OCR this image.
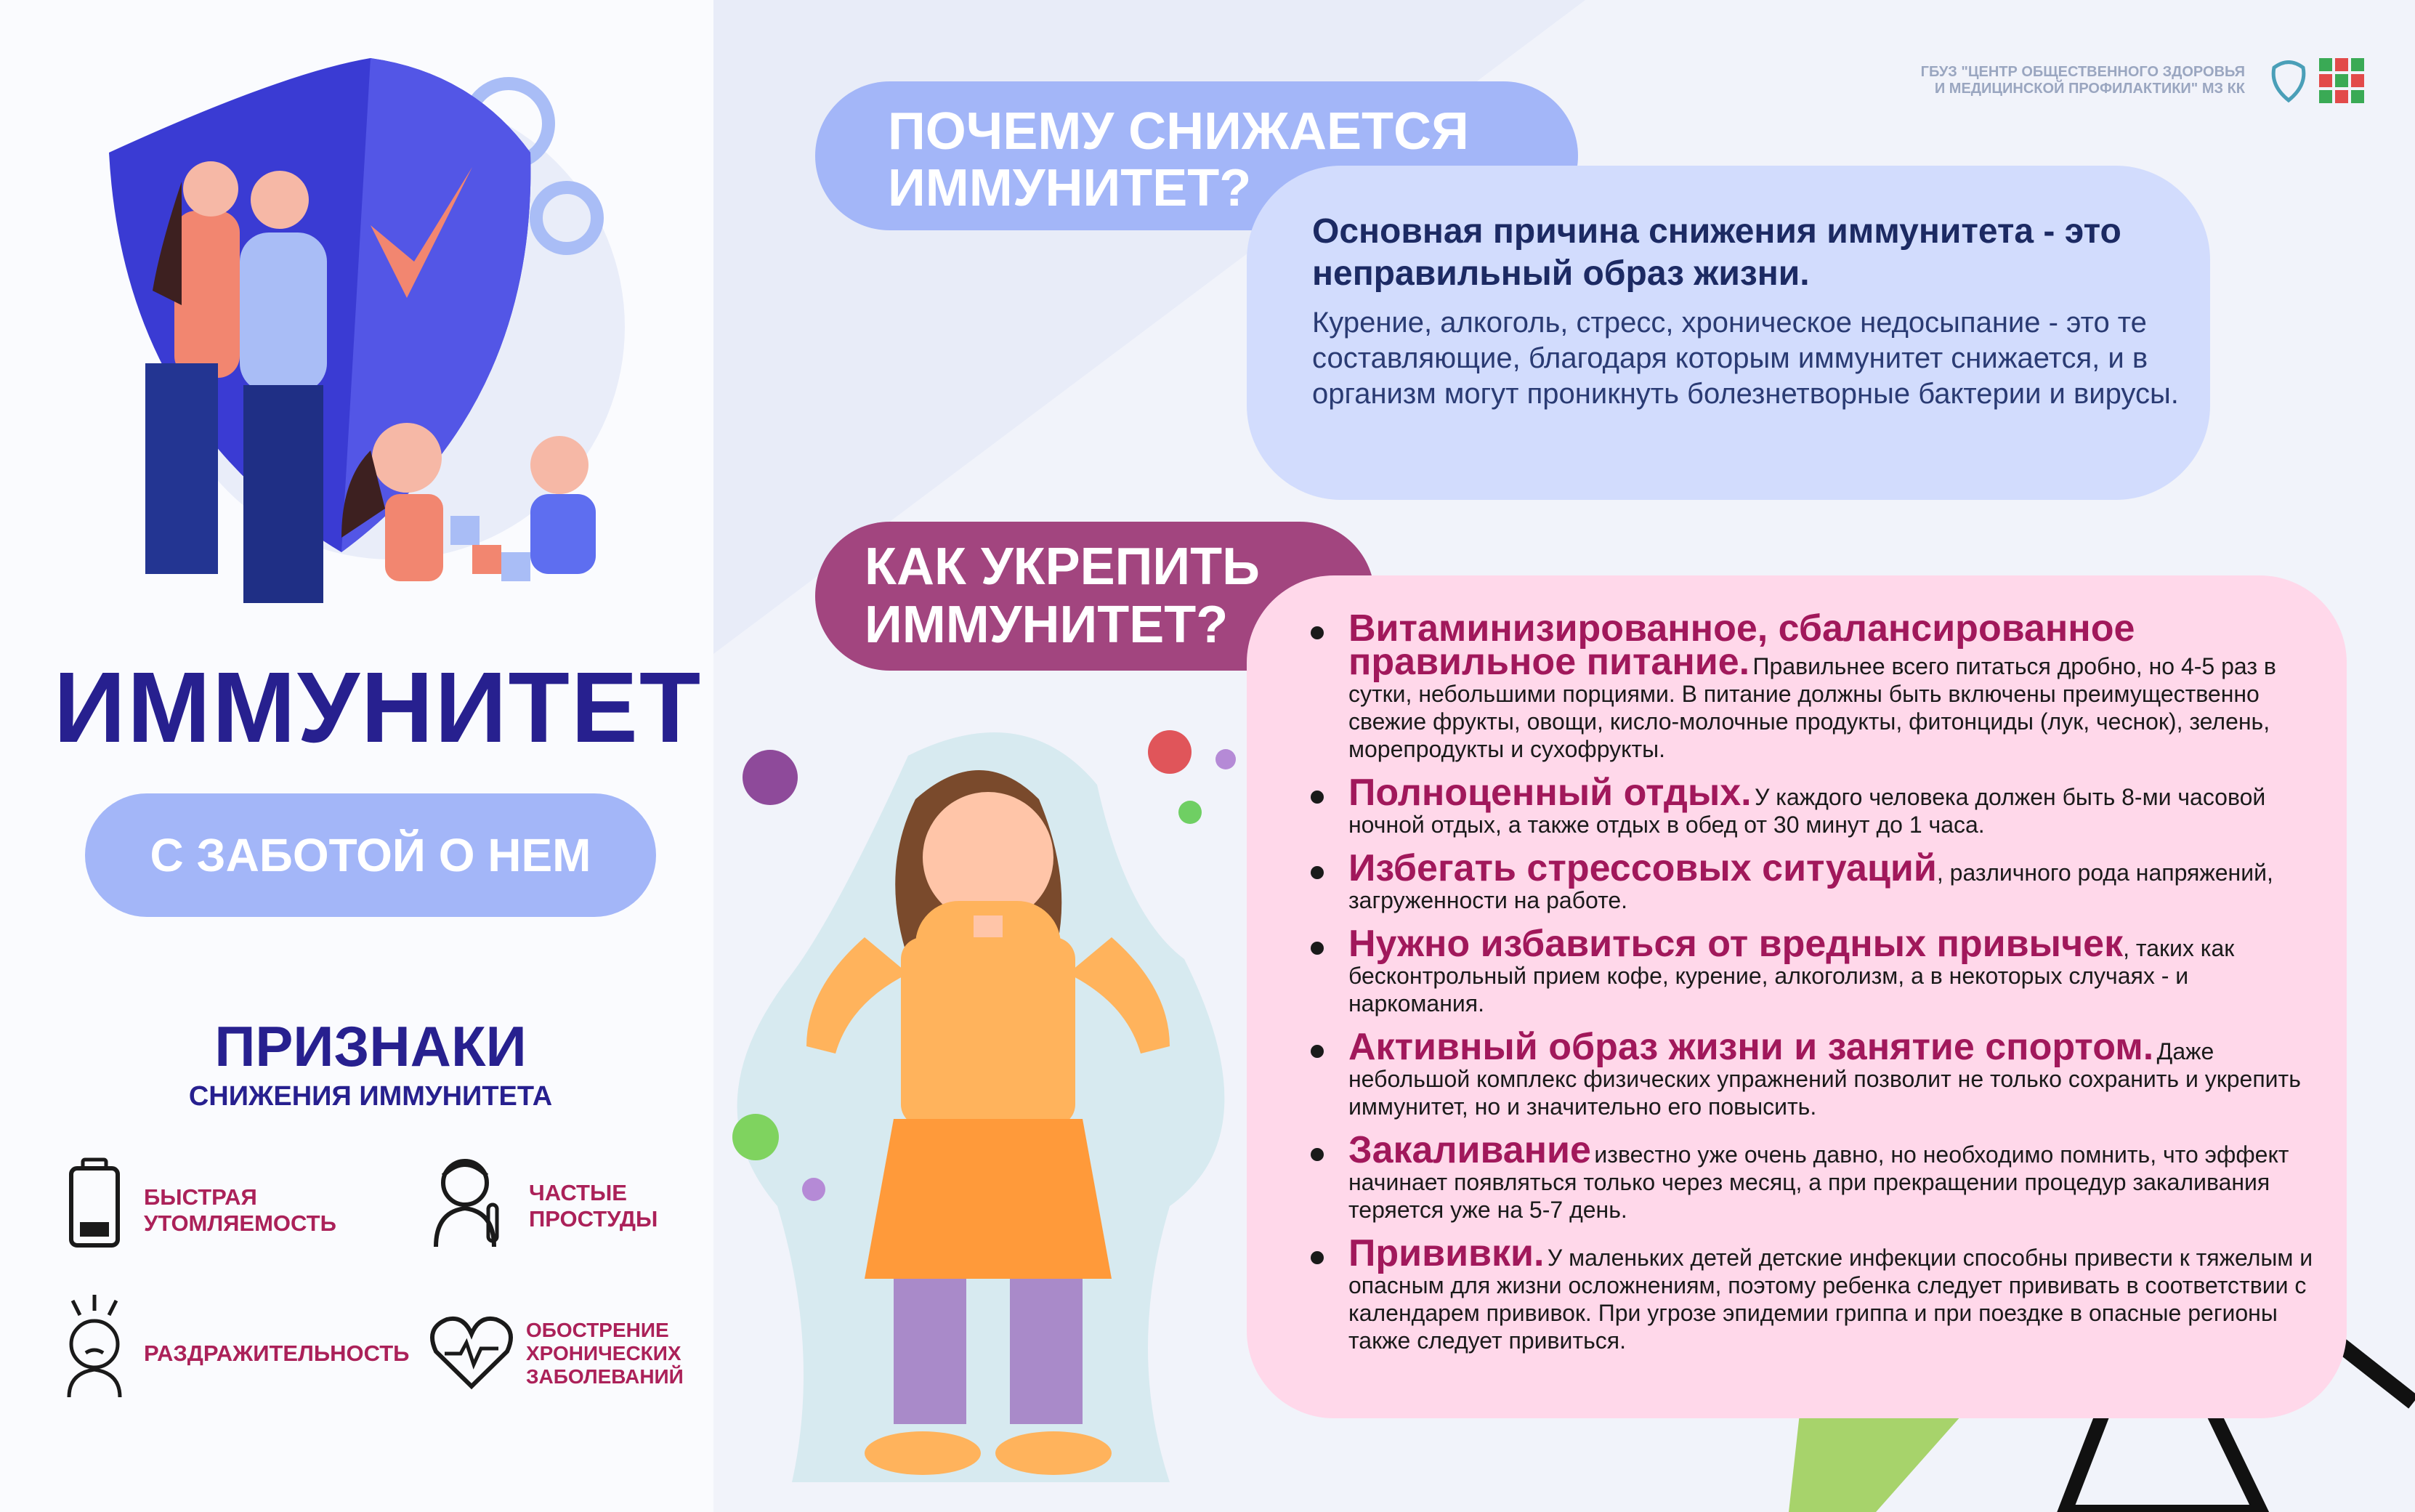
ИММУНИТЕТ
С ЗАБОТОЙ О НЕМ
ПРИЗНАКИ
СНИЖЕНИЯ ИММУНИТЕТА
БЫСТРАЯ
УТОМЛЯЕМОСТЬ
ЧАСТЫЕ
ПРОСТУДЫ
РАЗДРАЖИТЕЛЬНОСТЬ
ОБОСТРЕНИЕ
ХРОНИЧЕСКИХ
ЗАБОЛЕВАНИЙ
ГБУЗ "ЦЕНТР ОБЩЕСТВЕННОГО ЗДОРОВЬЯ
И МЕДИЦИНСКОЙ ПРОФИЛАКТИКИ" МЗ КК
ПОЧЕМУ СНИЖАЕТСЯ
ИММУНИТЕТ?
Основная причина снижения иммунитета - это неправильный образ жизни.
Курение, алкоголь, стресс, хроническое недосыпание - это те составляющие, благодаря которым иммунитет снижается, и в организм могут проникнуть болезнетворные бактерии и вирусы.
КАК УКРЕПИТЬ
ИММУНИТЕТ?	Витаминизированное, сбалансированное правильное питание. Правильнее всего питаться дробно, но 4-5 раз в сутки, небольшими порциями. В питание должны быть включены преимущественно свежие фрукты, овощи, кисло-молочные продукты, фитонциды (лук, чеснок), зелень, морепродукты и сухофрукты.
Полноценный отдых. У каждого человека должен быть 8-ми часовой ночной отдых, а также отдых в обед от 30 минут до 1 часа.
Избегать стрессовых ситуаций, различного рода напряжений, загруженности на работе.
Нужно избавиться от вредных привычек, таких как бесконтрольный прием кофе, курение, алкоголизм, а в некоторых случаях - и наркомания.
Активный образ жизни и занятие спортом. Даже небольшой комплекс физических упражнений позволит не только сохранить и укрепить иммунитет, но и значительно его повысить.
Закаливание известно уже очень давно, но необходимо помнить, что эффект начинает появляться только через месяц, а при прекращении процедур закаливания теряется уже на 5-7 день.
Прививки. У маленьких детей детские инфекции способны привести к тяжелым и опасным для жизни осложнениям, поэтому ребенка следует прививать в соответствии с календарем прививок. При угрозе эпидемии гриппа и при поездке в опасные регионы также следует привиться.
